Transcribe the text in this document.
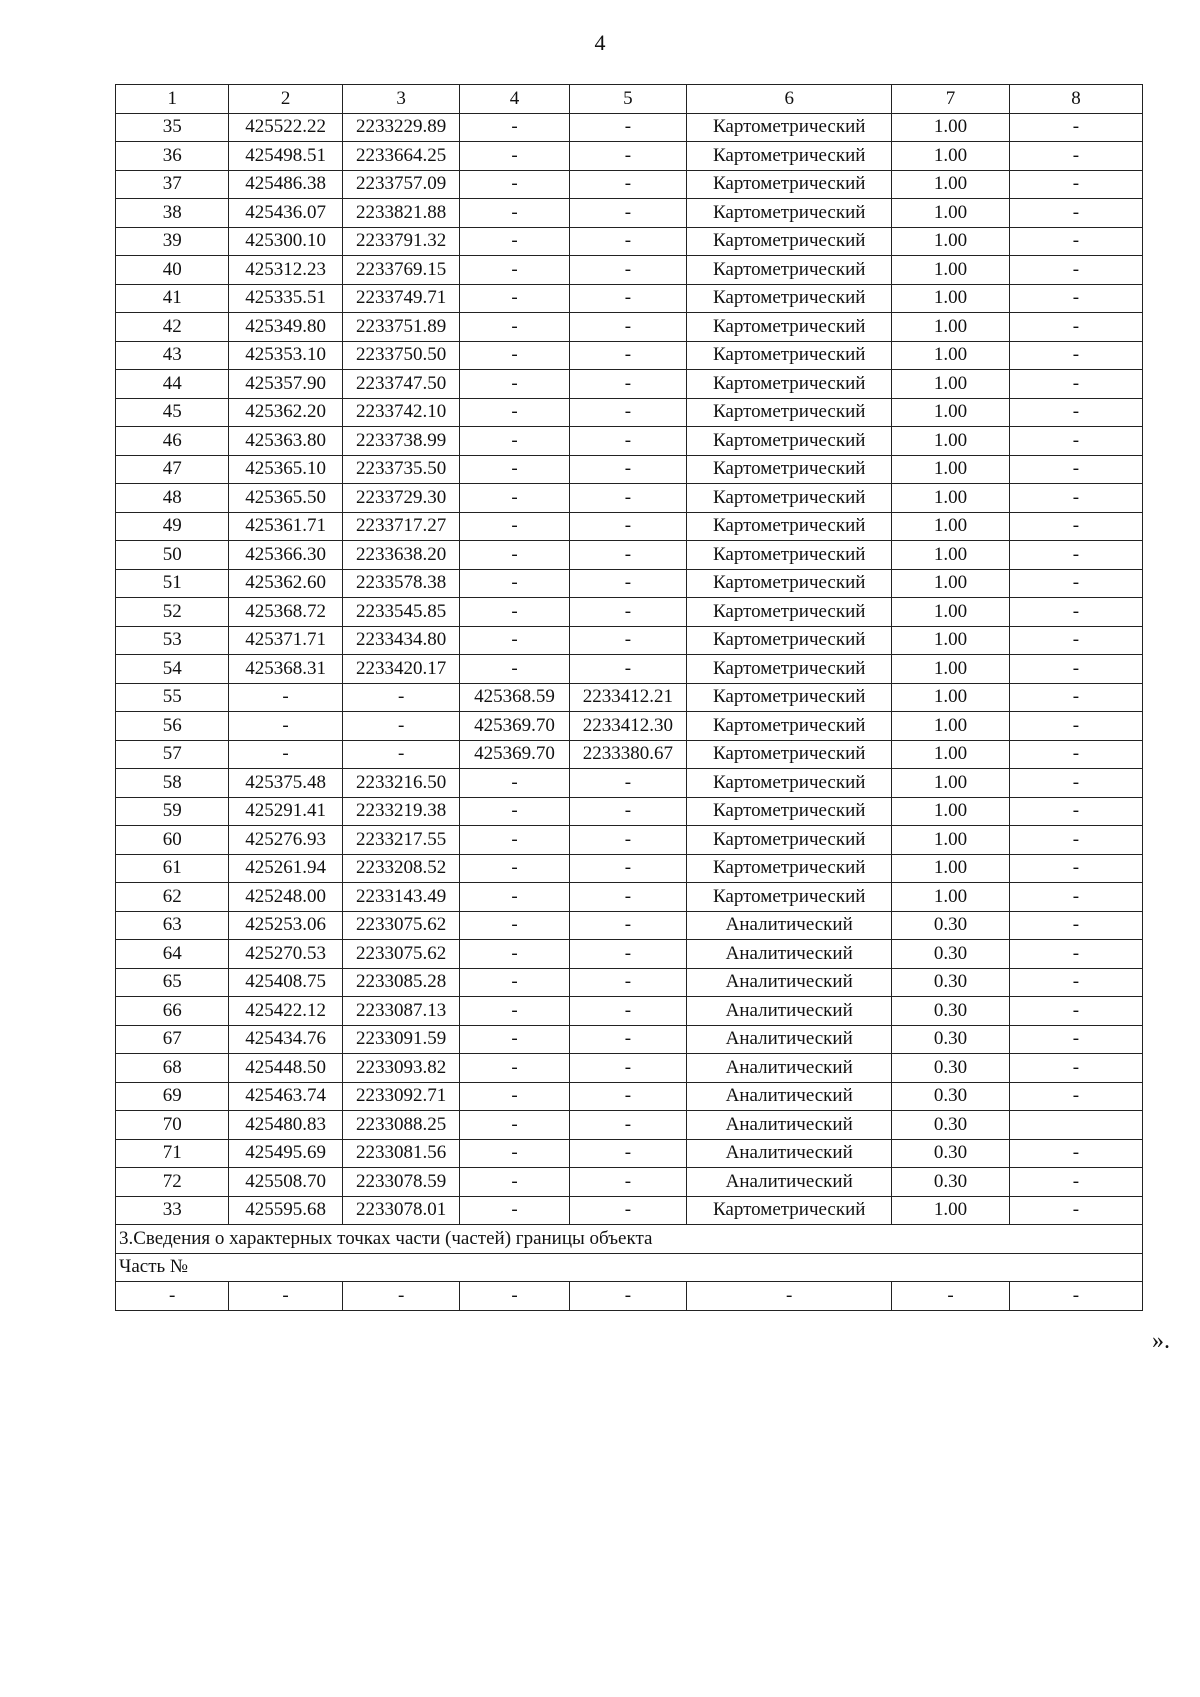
4
1	2	3	4	5	6	7	8
35	425522.22	2233229.89	-	-	Картометрический	1.00	-
36	425498.51	2233664.25	-	-	Картометрический	1.00	-
37	425486.38	2233757.09	-	-	Картометрический	1.00	-
38	425436.07	2233821.88	-	-	Картометрический	1.00	-
39	425300.10	2233791.32	-	-	Картометрический	1.00	-
40	425312.23	2233769.15	-	-	Картометрический	1.00	-
41	425335.51	2233749.71	-	-	Картометрический	1.00	-
42	425349.80	2233751.89	-	-	Картометрический	1.00	-
43	425353.10	2233750.50	-	-	Картометрический	1.00	-
44	425357.90	2233747.50	-	-	Картометрический	1.00	-
45	425362.20	2233742.10	-	-	Картометрический	1.00	-
46	425363.80	2233738.99	-	-	Картометрический	1.00	-
47	425365.10	2233735.50	-	-	Картометрический	1.00	-
48	425365.50	2233729.30	-	-	Картометрический	1.00	-
49	425361.71	2233717.27	-	-	Картометрический	1.00	-
50	425366.30	2233638.20	-	-	Картометрический	1.00	-
51	425362.60	2233578.38	-	-	Картометрический	1.00	-
52	425368.72	2233545.85	-	-	Картометрический	1.00	-
53	425371.71	2233434.80	-	-	Картометрический	1.00	-
54	425368.31	2233420.17	-	-	Картометрический	1.00	-
55	-	-	425368.59	2233412.21	Картометрический	1.00	-
56	-	-	425369.70	2233412.30	Картометрический	1.00	-
57	-	-	425369.70	2233380.67	Картометрический	1.00	-
58	425375.48	2233216.50	-	-	Картометрический	1.00	-
59	425291.41	2233219.38	-	-	Картометрический	1.00	-
60	425276.93	2233217.55	-	-	Картометрический	1.00	-
61	425261.94	2233208.52	-	-	Картометрический	1.00	-
62	425248.00	2233143.49	-	-	Картометрический	1.00	-
63	425253.06	2233075.62	-	-	Аналитический	0.30	-
64	425270.53	2233075.62	-	-	Аналитический	0.30	-
65	425408.75	2233085.28	-	-	Аналитический	0.30	-
66	425422.12	2233087.13	-	-	Аналитический	0.30	-
67	425434.76	2233091.59	-	-	Аналитический	0.30	-
68	425448.50	2233093.82	-	-	Аналитический	0.30	-
69	425463.74	2233092.71	-	-	Аналитический	0.30	-
70	425480.83	2233088.25	-	-	Аналитический	0.30	
71	425495.69	2233081.56	-	-	Аналитический	0.30	-
72	425508.70	2233078.59	-	-	Аналитический	0.30	-
33	425595.68	2233078.01	-	-	Картометрический	1.00	-
3.Сведения о характерных точках части (частей) границы объекта							
Часть №							
-	-	-	-	-	-	-	-
».
